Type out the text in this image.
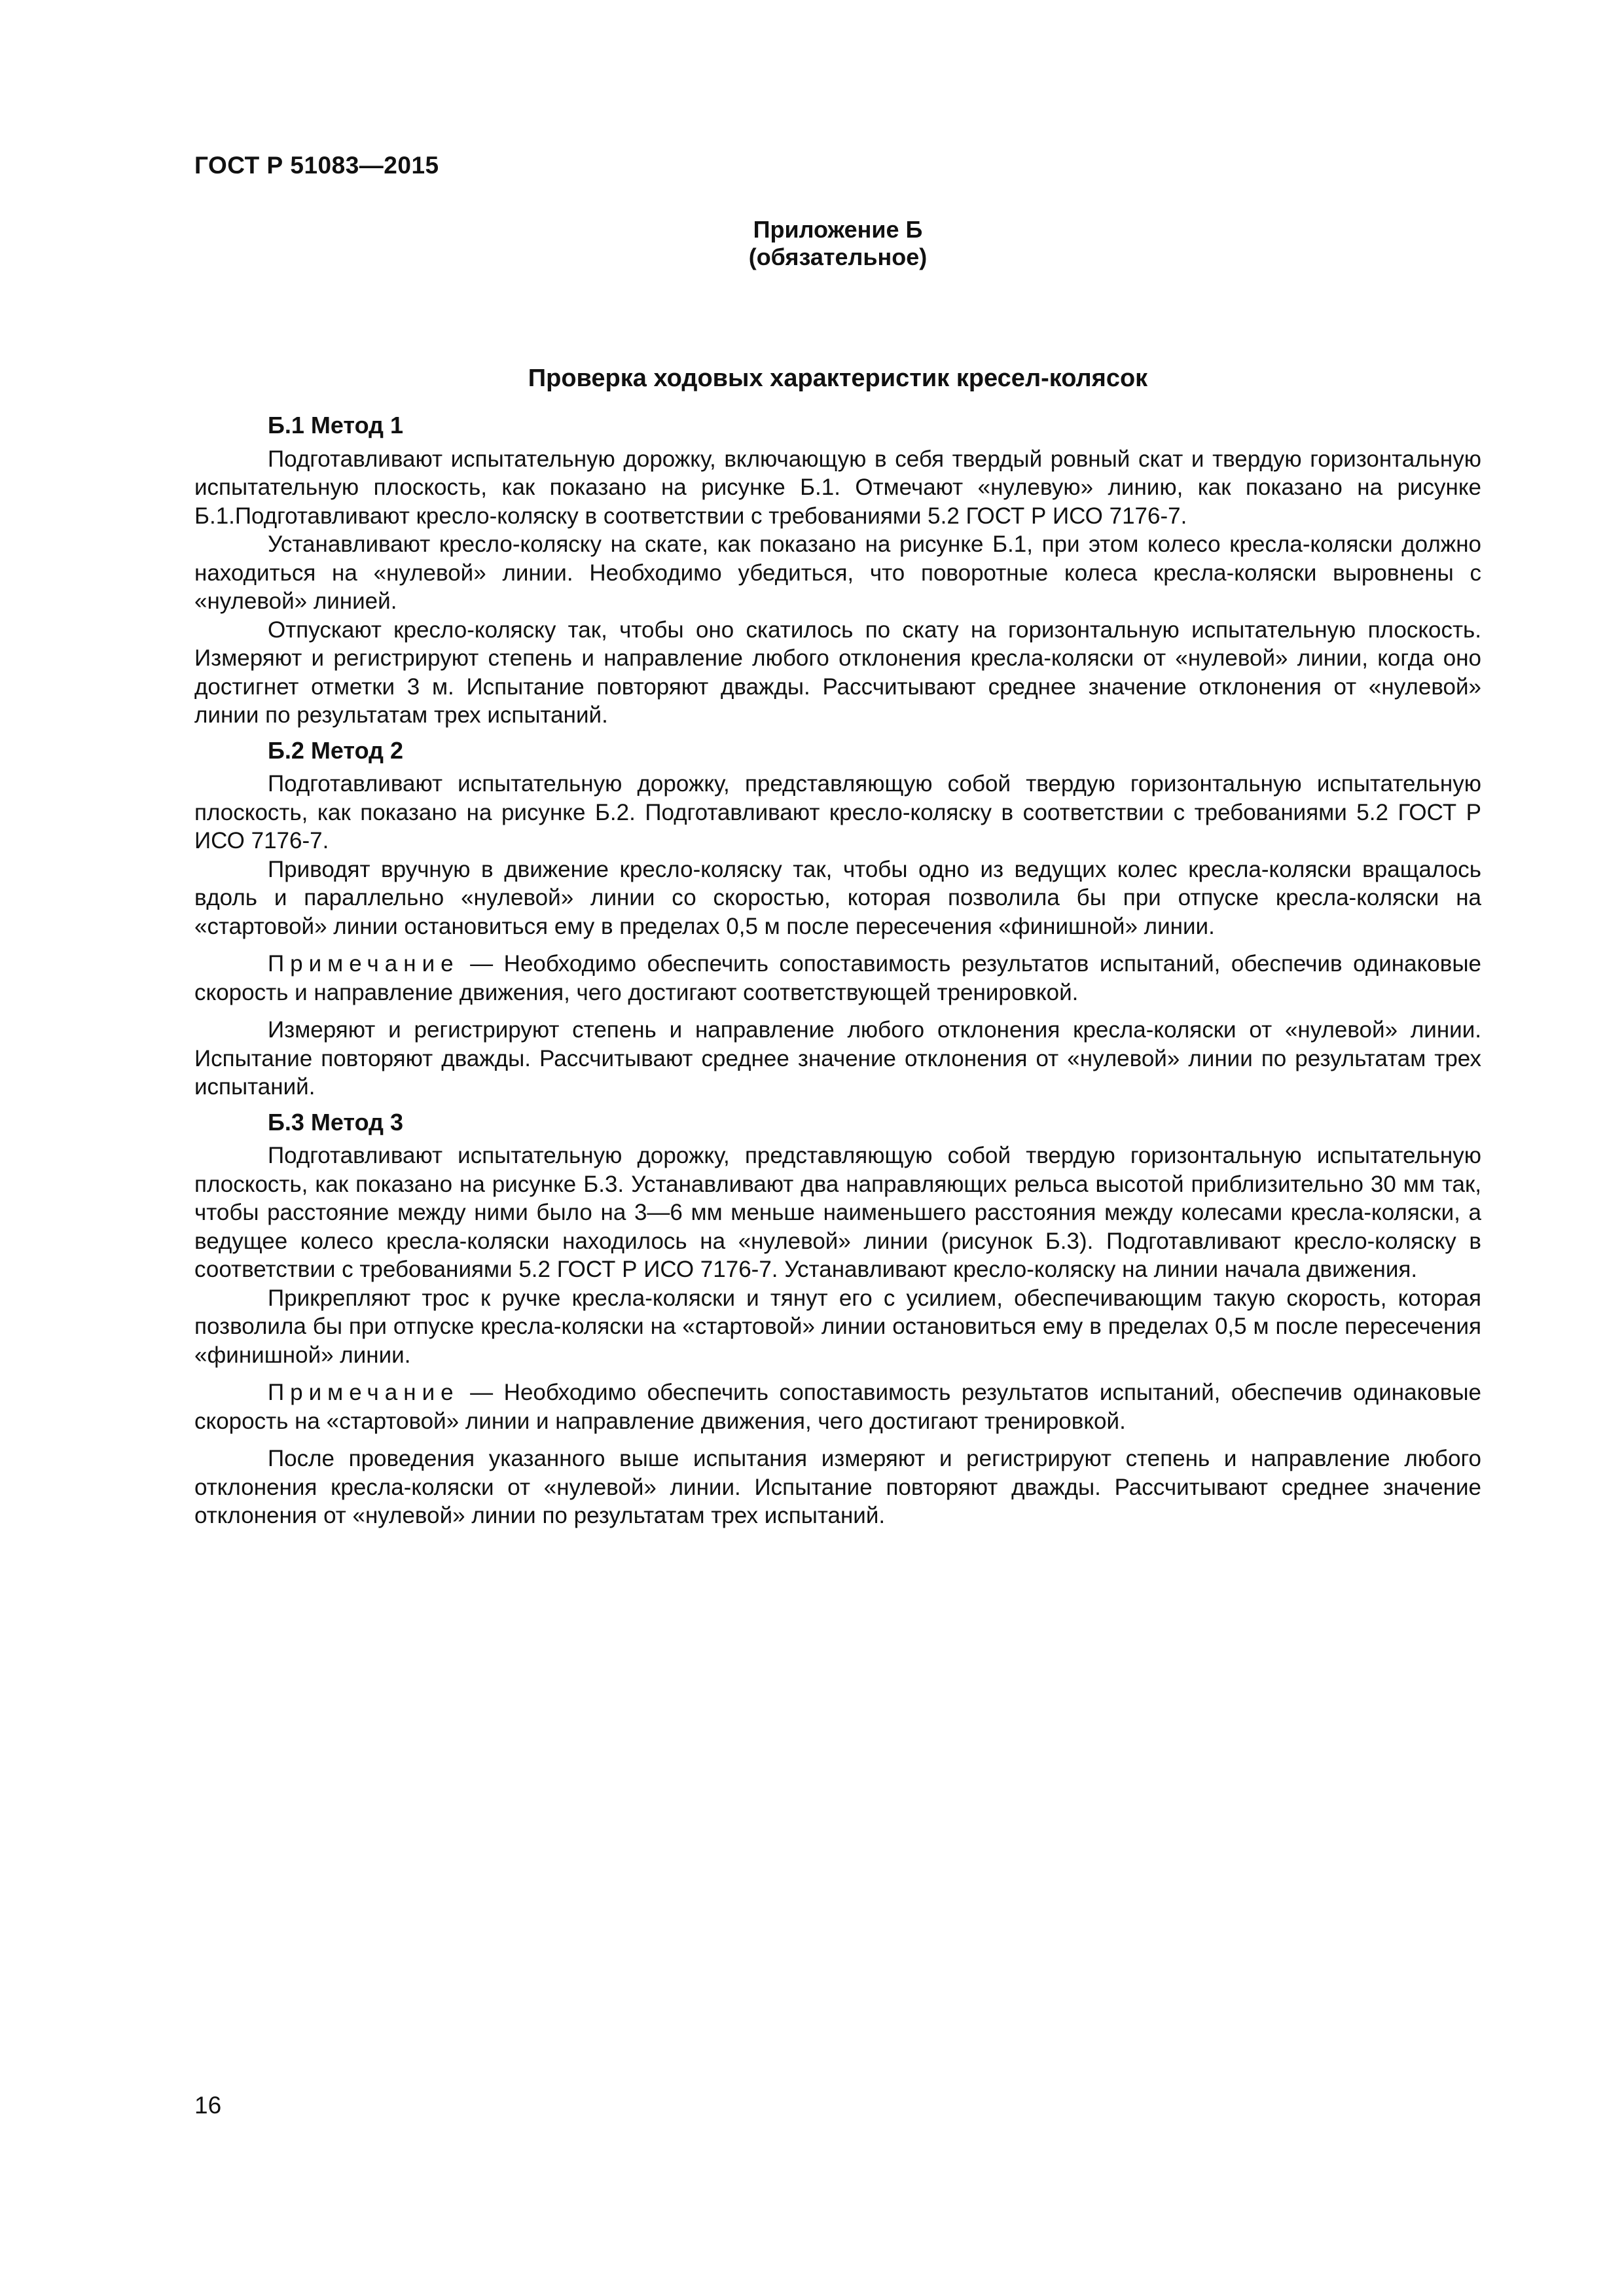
ГОСТ Р 51083—2015

Приложение Б
(обязательное)

Проверка ходовых характеристик кресел-колясок

Б.1 Метод 1

Подготавливают испытательную дорожку, включающую в себя твердый ровный скат и твердую горизонтальную испытательную плоскость, как показано на рисунке Б.1. Отмечают «нулевую» линию, как показано на рисунке Б.1.Подготавливают кресло-коляску в соответствии с требованиями 5.2 ГОСТ Р ИСО 7176-7.

Устанавливают кресло-коляску на скате, как показано на рисунке Б.1, при этом колесо кресла-коляски должно находиться на «нулевой» линии. Необходимо убедиться, что поворотные колеса кресла-коляски выровнены с «нулевой» линией.

Отпускают кресло-коляску так, чтобы оно скатилось по скату на горизонтальную испытательную плоскость. Измеряют и регистрируют степень и направление любого отклонения кресла-коляски от «нулевой» линии, когда оно достигнет отметки 3 м. Испытание повторяют дважды. Рассчитывают среднее значение отклонения от «нулевой» линии по результатам трех испытаний.

Б.2 Метод 2

Подготавливают испытательную дорожку, представляющую собой твердую горизонтальную испытательную плоскость, как показано на рисунке Б.2. Подготавливают кресло-коляску в соответствии с требованиями 5.2 ГОСТ Р ИСО 7176-7.

Приводят вручную в движение кресло-коляску так, чтобы одно из ведущих колес кресла-коляски вращалось вдоль и параллельно «нулевой» линии со скоростью, которая позволила бы при отпуске кресла-коляски на «стартовой» линии остановиться ему в пределах 0,5 м после пересечения «финишной» линии.

Примечание — Необходимо обеспечить сопоставимость результатов испытаний, обеспечив одинаковые скорость и направление движения, чего достигают соответствующей тренировкой.

Измеряют и регистрируют степень и направление любого отклонения кресла-коляски от «нулевой» линии. Испытание повторяют дважды. Рассчитывают среднее значение отклонения от «нулевой» линии по результатам трех испытаний.

Б.3 Метод 3

Подготавливают испытательную дорожку, представляющую собой твердую горизонтальную испытательную плоскость, как показано на рисунке Б.3. Устанавливают два направляющих рельса высотой приблизительно 30 мм так, чтобы расстояние между ними было на 3—6 мм меньше наименьшего расстояния между колесами кресла-коляски, а ведущее колесо кресла-коляски находилось на «нулевой» линии (рисунок Б.3). Подготавливают кресло-коляску в соответствии с требованиями 5.2 ГОСТ Р ИСО 7176-7. Устанавливают кресло-коляску на линии начала движения.

Прикрепляют трос к ручке кресла-коляски и тянут его с усилием, обеспечивающим такую скорость, которая позволила бы при отпуске кресла-коляски на «стартовой» линии остановиться ему в пределах 0,5 м после пересечения «финишной» линии.

Примечание — Необходимо обеспечить сопоставимость результатов испытаний, обеспечив одинаковые скорость на «стартовой» линии и направление движения, чего достигают тренировкой.

После проведения указанного выше испытания измеряют и регистрируют степень и направление любого отклонения кресла-коляски от «нулевой» линии. Испытание повторяют дважды. Рассчитывают среднее значение отклонения от «нулевой» линии по результатам трех испытаний.

16
